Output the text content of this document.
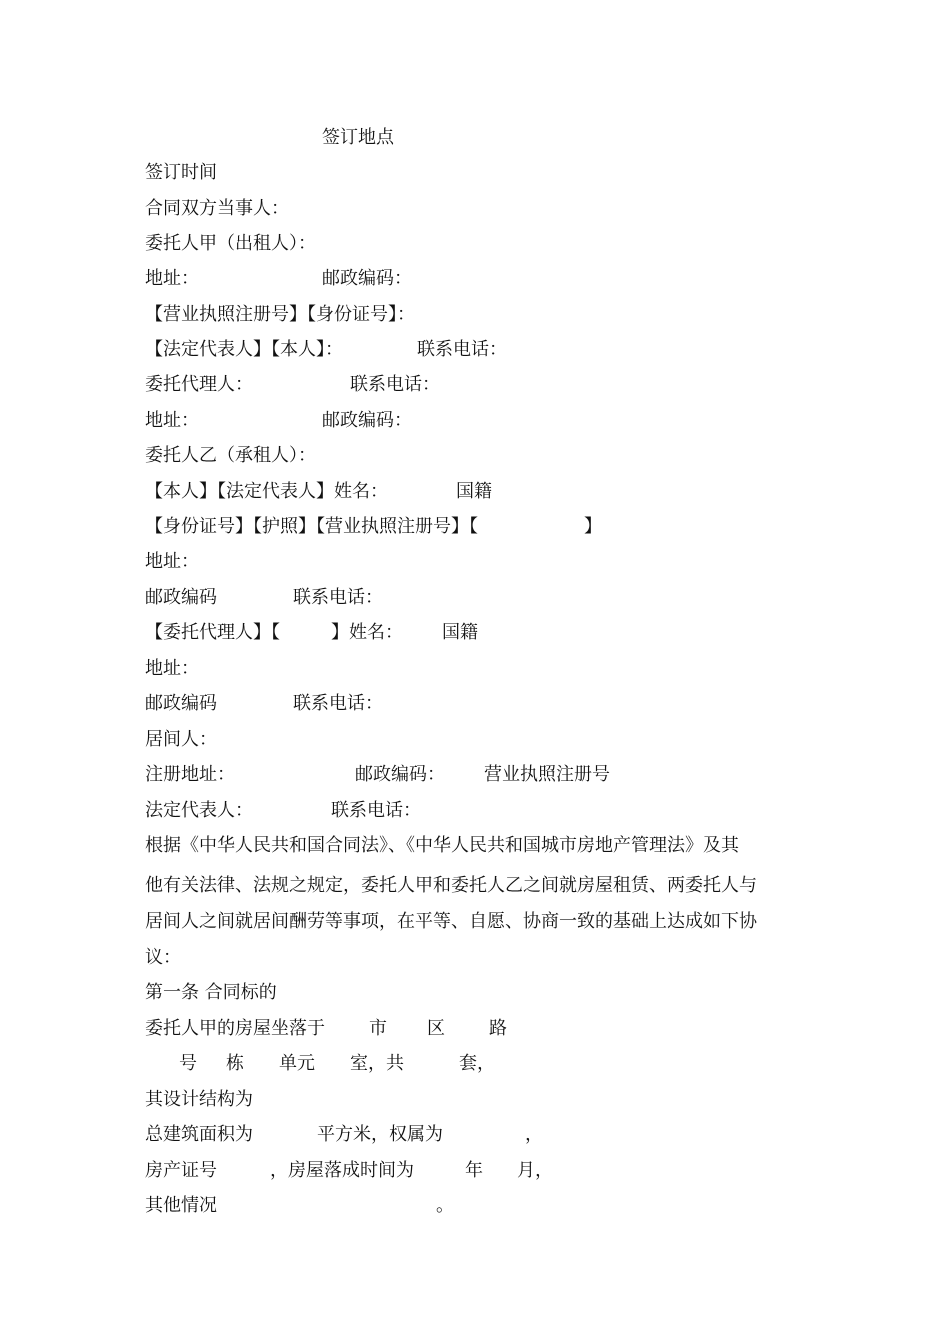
签订地点
签订时间
合同双方当事人：
委托人甲（出租人）：
地址：	邮政编码：
【营业执照注册号】【身份证号】：
【法定代表人】【本人】：	联系电话：
委托代理人：	联系电话：
地址：	邮政编码：
委托人乙（承租人）：
【本人】【法定代表人】姓名：	国籍
【身份证号】【护照】【营业执照注册号】【	】
地址：
邮政编码	联系电话：
【委托代理人】【	】姓名： 国籍
地址：
邮政编码	联系电话：
居间人：
注册地址：	邮政编码： 营业执照注册号
法定代表人：	联系电话：
根据《中华人民共和国合同法》、《中华人民共和国城市房地产管理法》及其
他有关法律、法规之规定，委托人甲和委托人乙之间就房屋租赁、两委托人与
居间人之间就居间酬劳等事项，在平等、自愿、协商一致的基础上达成如下协
议：
第一条 合同标的
委托人甲的房屋坐落于 市 区 路
号 栋 单元 室，共	套，
其设计结构为
总建筑面积为	平方米，权属为	，
房产证号	，房屋落成时间为	年 月，
其他情况	。
